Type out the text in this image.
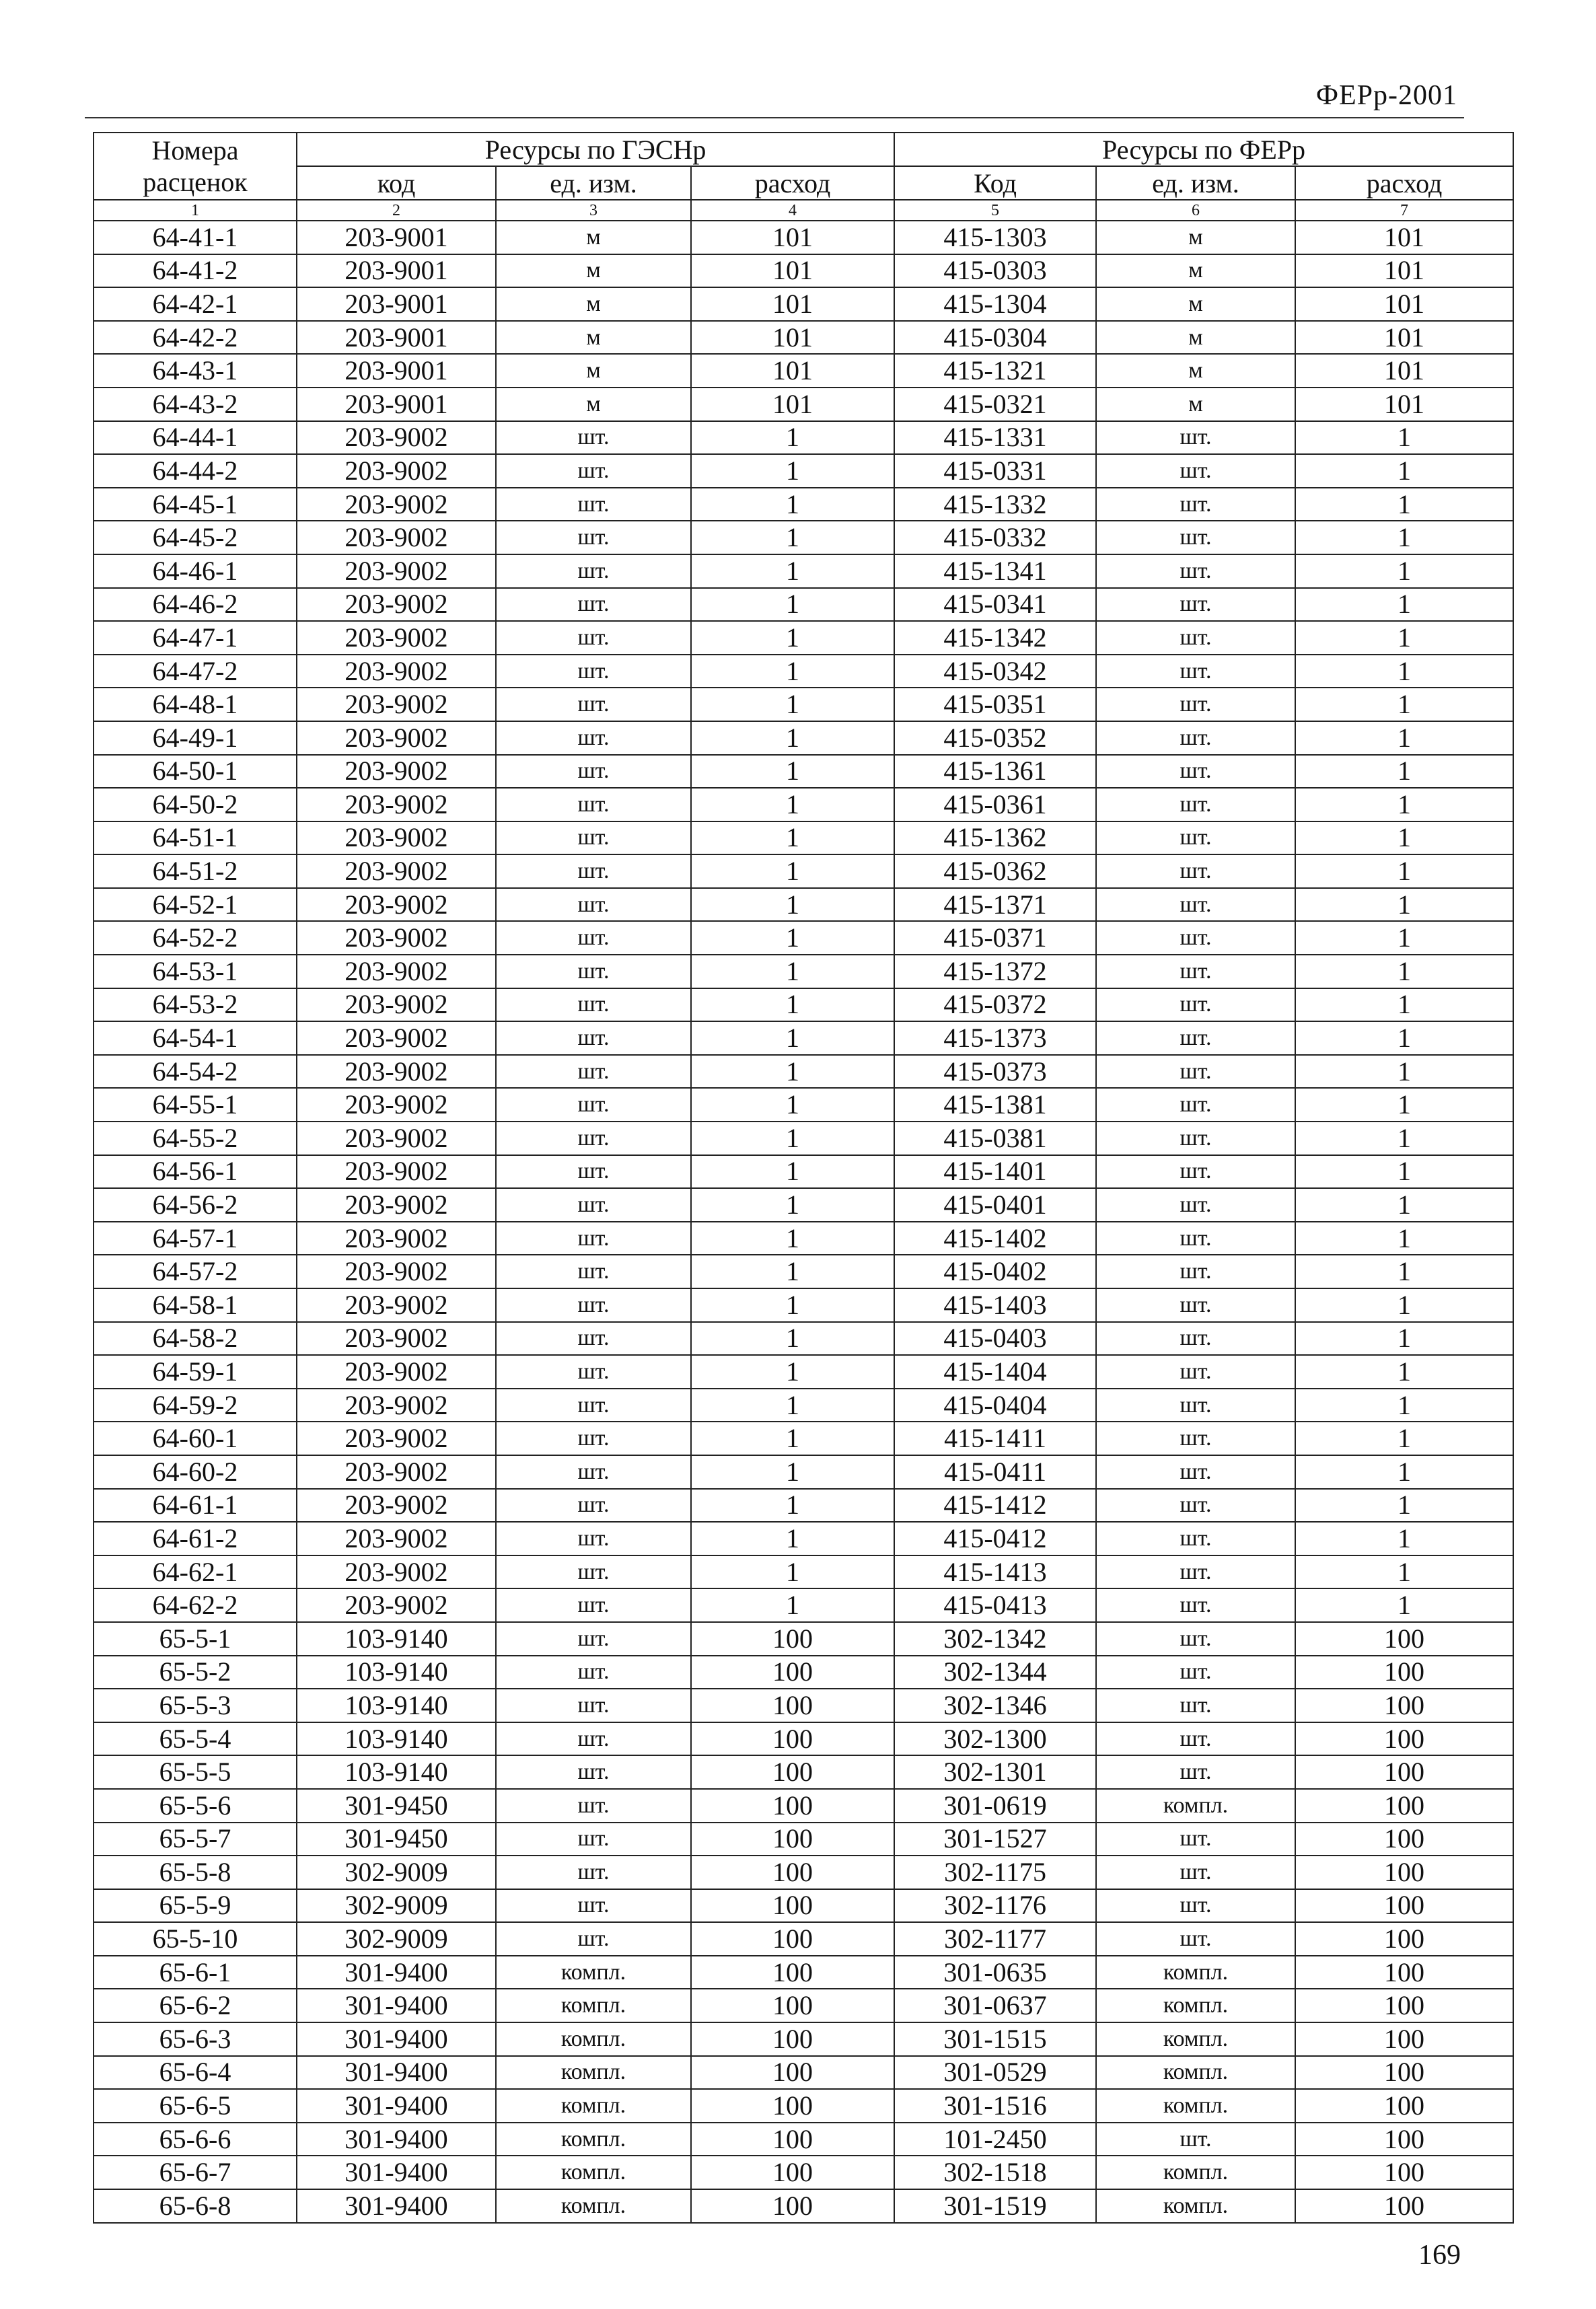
ФЕРр-2001
Номера	Ресурсы по ГЭСНр			Ресурсы по ФЕРр		
расценок	код	ед. изм.	расход	Код	ед. изм.	расход
1	2	3	4	5	6	7
64-41-1	203-9001	м	101	415-1303	м	101
64-41-2	203-9001	м	101	415-0303	м	101
64-42-1	203-9001	м	101	415-1304	м	101
64-42-2	203-9001	м	101	415-0304	м	101
64-43-1	203-9001	м	101	415-1321	м	101
64-43-2	203-9001	м	101	415-0321	м	101
64-44-1	203-9002	шт.	1	415-1331	шт.	1
64-44-2	203-9002	шт.	1	415-0331	шт.	1
64-45-1	203-9002	шт.	1	415-1332	шт.	1
64-45-2	203-9002	шт.	1	415-0332	шт.	1
64-46-1	203-9002	шт.	1	415-1341	шт.	1
64-46-2	203-9002	шт.	1	415-0341	шт.	1
64-47-1	203-9002	шт.	1	415-1342	шт.	1
64-47-2	203-9002	шт.	1	415-0342	шт.	1
64-48-1	203-9002	шт.	1	415-0351	шт.	1
64-49-1	203-9002	шт.	1	415-0352	шт.	1
64-50-1	203-9002	шт.	1	415-1361	шт.	1
64-50-2	203-9002	шт.	1	415-0361	шт.	1
64-51-1	203-9002	шт.	1	415-1362	шт.	1
64-51-2	203-9002	шт.	1	415-0362	шт.	1
64-52-1	203-9002	шт.	1	415-1371	шт.	1
64-52-2	203-9002	шт.	1	415-0371	шт.	1
64-53-1	203-9002	шт.	1	415-1372	шт.	1
64-53-2	203-9002	шт.	1	415-0372	шт.	1
64-54-1	203-9002	шт.	1	415-1373	шт.	1
64-54-2	203-9002	шт.	1	415-0373	шт.	1
64-55-1	203-9002	шт.	1	415-1381	шт.	1
64-55-2	203-9002	шт.	1	415-0381	шт.	1
64-56-1	203-9002	шт.	1	415-1401	шт.	1
64-56-2	203-9002	шт.	1	415-0401	шт.	1
64-57-1	203-9002	шт.	1	415-1402	шт.	1
64-57-2	203-9002	шт.	1	415-0402	шт.	1
64-58-1	203-9002	шт.	1	415-1403	шт.	1
64-58-2	203-9002	шт.	1	415-0403	шт.	1
64-59-1	203-9002	шт.	1	415-1404	шт.	1
64-59-2	203-9002	шт.	1	415-0404	шт.	1
64-60-1	203-9002	шт.	1	415-1411	шт.	1
64-60-2	203-9002	шт.	1	415-0411	шт.	1
64-61-1	203-9002	шт.	1	415-1412	шт.	1
64-61-2	203-9002	шт.	1	415-0412	шт.	1
64-62-1	203-9002	шт.	1	415-1413	шт.	1
64-62-2	203-9002	шт.	1	415-0413	шт.	1
65-5-1	103-9140	шт.	100	302-1342	шт.	100
65-5-2	103-9140	шт.	100	302-1344	шт.	100
65-5-3	103-9140	шт.	100	302-1346	шт.	100
65-5-4	103-9140	шт.	100	302-1300	шт.	100
65-5-5	103-9140	шт.	100	302-1301	шт.	100
65-5-6	301-9450	шт.	100	301-0619	компл.	100
65-5-7	301-9450	шт.	100	301-1527	шт.	100
65-5-8	302-9009	шт.	100	302-1175	шт.	100
65-5-9	302-9009	шт.	100	302-1176	шт.	100
65-5-10	302-9009	шт.	100	302-1177	шт.	100
65-6-1	301-9400	компл.	100	301-0635	компл.	100
65-6-2	301-9400	компл.	100	301-0637	компл.	100
65-6-3	301-9400	компл.	100	301-1515	компл.	100
65-6-4	301-9400	компл.	100	301-0529	компл.	100
65-6-5	301-9400	компл.	100	301-1516	компл.	100
65-6-6	301-9400	компл.	100	101-2450	шт.	100
65-6-7	301-9400	компл.	100	302-1518	компл.	100
65-6-8	301-9400	компл.	100	301-1519	компл.	100
169
